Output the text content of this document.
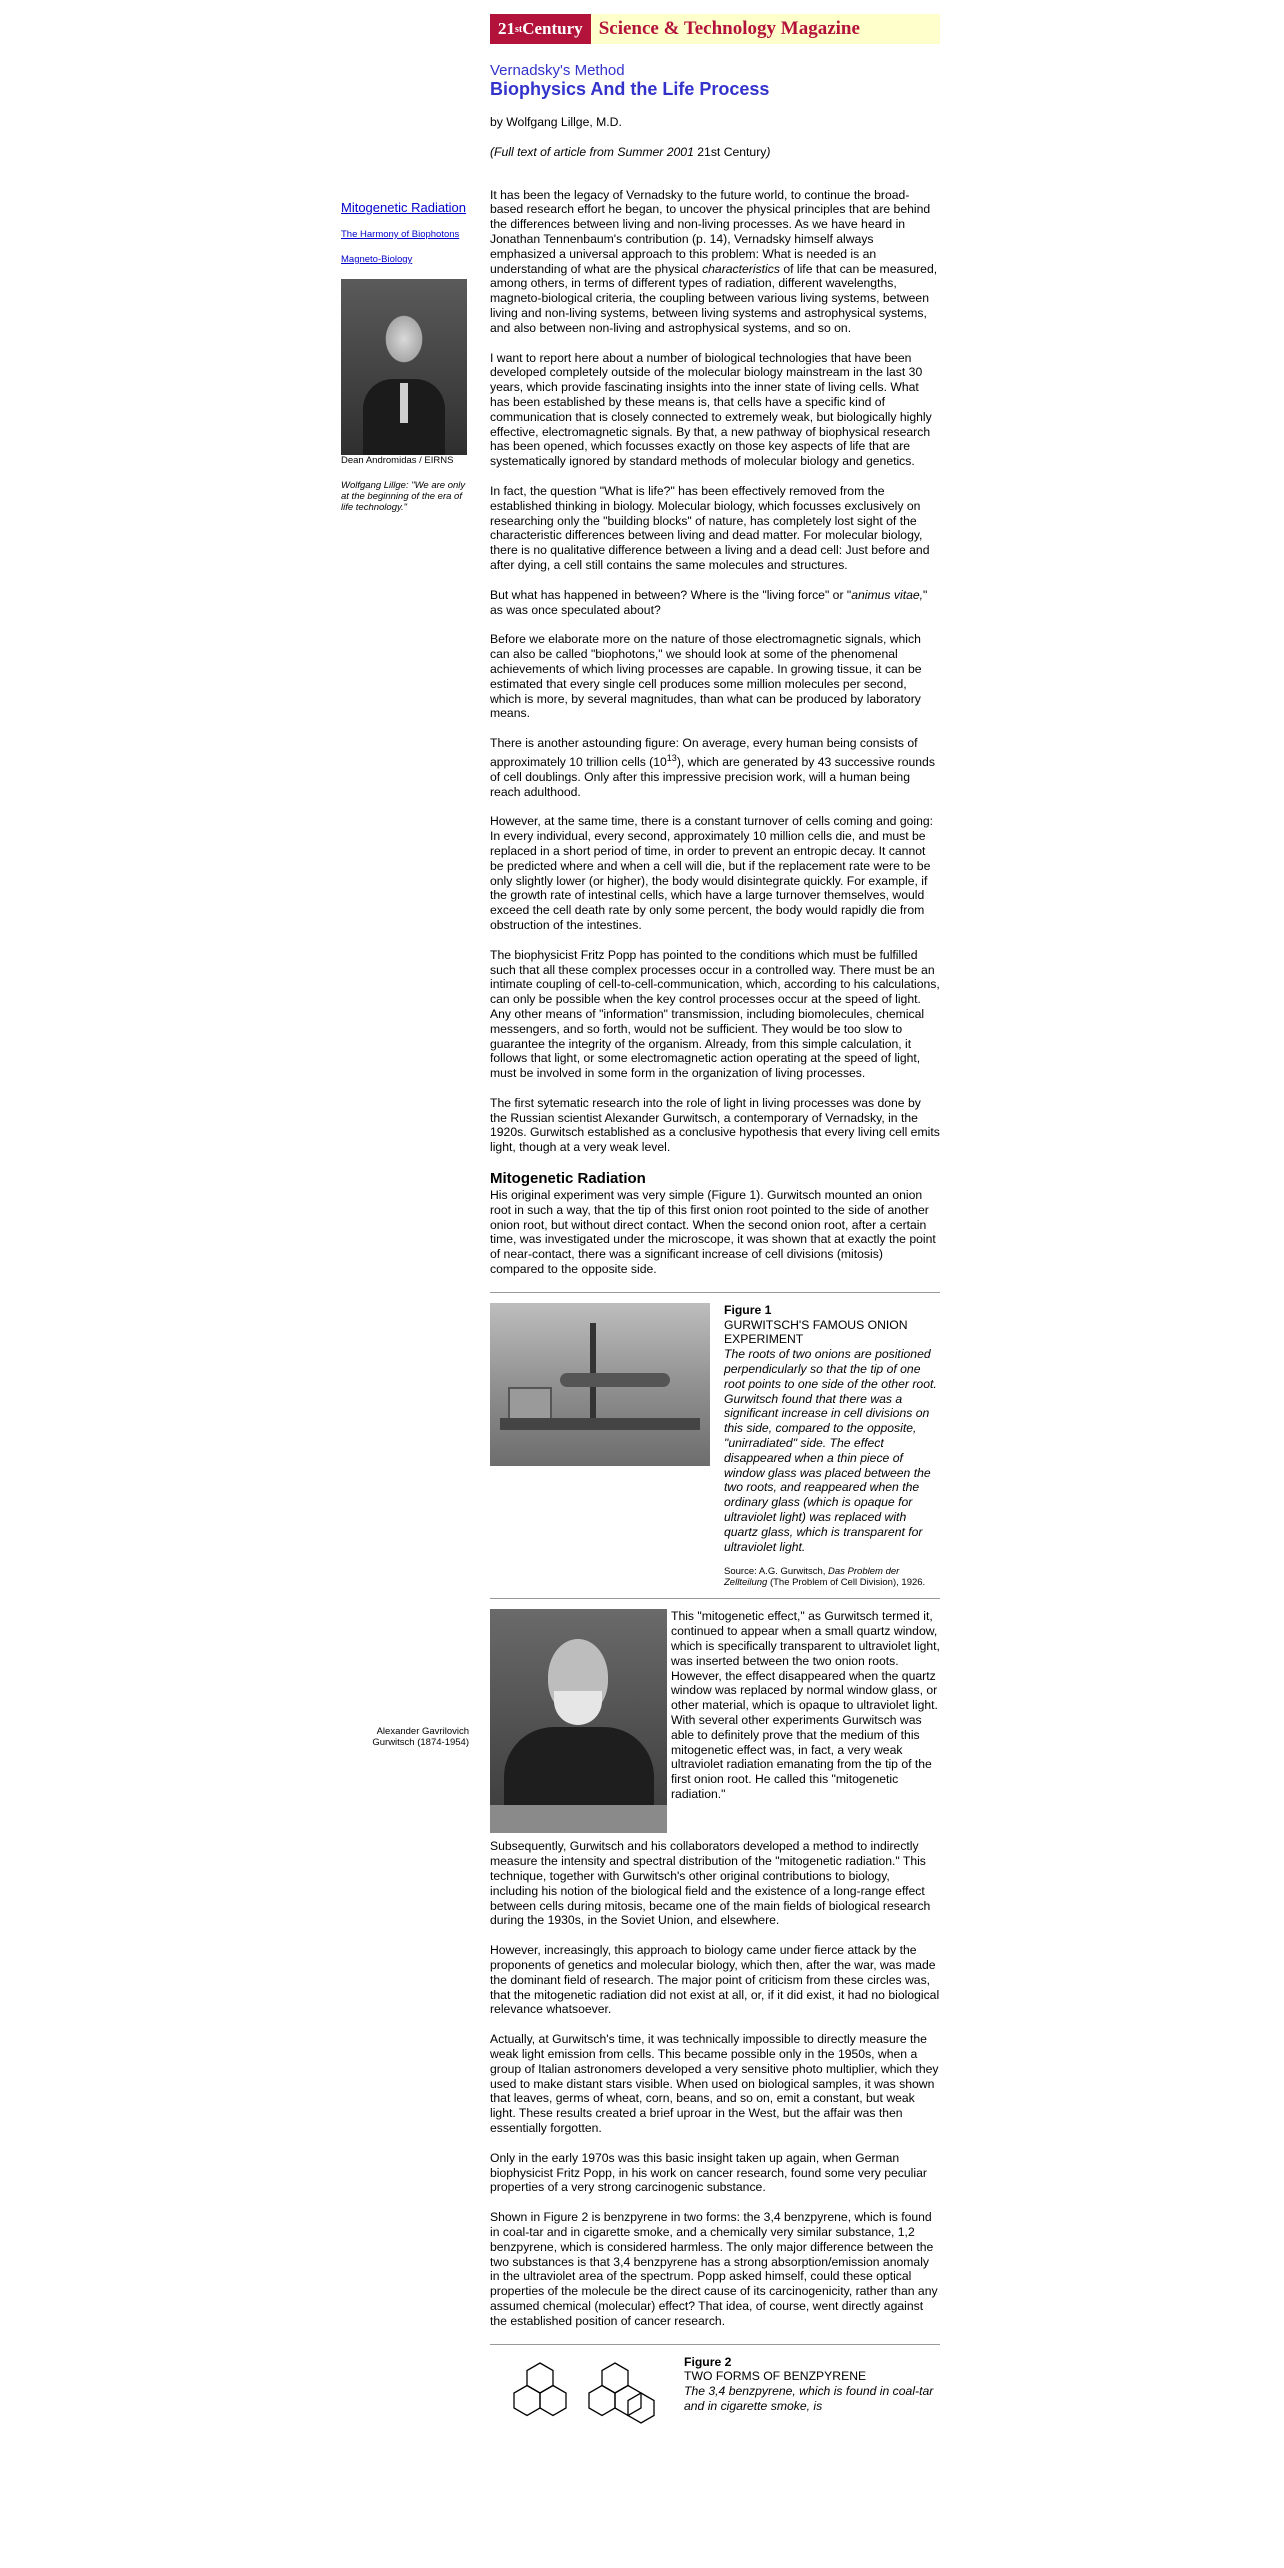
21 st Century Science & Technology Magazine
Mitogenetic Radiation
The Harmony of Biophotons
Magneto-Biology
Dean Andromidas / EIRNS
Wolfgang Lillge: "We are only at the beginning of the era of life technology."
Alexander Gavrilovich Gurwitsch (1874-1954)
Vernadsky's Method
Biophysics And the Life Process

by Wolfgang Lillge, M.D.

(Full text of article from Summer 2001 21st Century)

It has been the legacy of Vernadsky to the future world, to continue the broad-based research effort he began, to uncover the physical principles that are behind the differences between living and non-living processes. As we have heard in Jonathan Tennenbaum's contribution (p. 14), Vernadsky himself always emphasized a universal approach to this problem: What is needed is an understanding of what are the physical characteristics of life that can be measured, among others, in terms of different types of radiation, different wavelengths, magneto-biological criteria, the coupling between various living systems, between living and non-living systems, between living systems and astrophysical systems, and also between non-living and astrophysical systems, and so on.

I want to report here about a number of biological technologies that have been developed completely outside of the molecular biology mainstream in the last 30 years, which provide fascinating insights into the inner state of living cells. What has been established by these means is, that cells have a specific kind of communication that is closely connected to extremely weak, but biologically highly effective, electromagnetic signals. By that, a new pathway of biophysical research has been opened, which focusses exactly on those key aspects of life that are systematically ignored by standard methods of molecular biology and genetics.

In fact, the question "What is life?" has been effectively removed from the established thinking in biology. Molecular biology, which focusses exclusively on researching only the "building blocks" of nature, has completely lost sight of the characteristic differences between living and dead matter. For molecular biology, there is no qualitative difference between a living and a dead cell: Just before and after dying, a cell still contains the same molecules and structures.

But what has happened in between? Where is the "living force" or "animus vitae," as was once speculated about?

Before we elaborate more on the nature of those electromagnetic signals, which can also be called "biophotons," we should look at some of the phenomenal achievements of which living processes are capable. In growing tissue, it can be estimated that every single cell produces some million molecules per second, which is more, by several magnitudes, than what can be produced by laboratory means.

There is another astounding figure: On average, every human being consists of approximately 10 trillion cells $(10^{13})$, which are generated by 43 successive rounds of cell doublings. Only after this impressive precision work, will a human being reach adulthood.

However, at the same time, there is a constant turnover of cells coming and going: In every individual, every second, approximately 10 million cells die, and must be replaced in a short period of time, in order to prevent an entropic decay. It cannot be predicted where and when a cell will die, but if the replacement rate were to be only slightly lower (or higher), the body would disintegrate quickly. For example, if the growth rate of intestinal cells, which have a large turnover themselves, would exceed the cell death rate by only some percent, the body would rapidly die from obstruction of the intestines.

The biophysicist Fritz Popp has pointed to the conditions which must be fulfilled such that all these complex processes occur in a controlled way. There must be an intimate coupling of cell-to-cell-communication, which, according to his calculations, can only be possible when the key control processes occur at the speed of light. Any other means of "information" transmission, including biomolecules, chemical messengers, and so forth, would not be sufficient. They would be too slow to guarantee the integrity of the organism. Already, from this simple calculation, it follows that light, or some electromagnetic action operating at the speed of light, must be involved in some form in the organization of living processes.

The first sytematic research into the role of light in living processes was done by the Russian scientist Alexander Gurwitsch, a contemporary of Vernadsky, in the 1920s. Gurwitsch established as a conclusive hypothesis that every living cell emits light, though at a very weak level.

Mitogenetic Radiation

His original experiment was very simple (Figure 1). Gurwitsch mounted an onion root in such a way, that the tip of this first onion root pointed to the side of another onion root, but without direct contact. When the second onion root, after a certain time, was investigated under the microscope, it was shown that at exactly the point of near-contact, there was a significant increase of cell divisions (mitosis) compared to the opposite side.

Figure 1
GURWITSCH'S FAMOUS ONION EXPERIMENT
The roots of two onions are positioned perpendicularly so that the tip of one root points to one side of the other root. Gurwitsch found that there was a significant increase in cell divisions on this side, compared to the opposite, "unirradiated" side. The effect disappeared when a thin piece of window glass was placed between the two roots, and reappeared when the ordinary glass (which is opaque for ultraviolet light) was replaced with quartz glass, which is transparent for ultraviolet light.
Source: A.G. Gurwitsch, Das Problem der Zellteilung (The Problem of Cell Division), 1926.

This "mitogenetic effect," as Gurwitsch termed it, continued to appear when a small quartz window, which is specifically transparent to ultraviolet light, was inserted between the two onion roots. However, the effect disappeared when the quartz window was replaced by normal window glass, or other material, which is opaque to ultraviolet light. With several other experiments Gurwitsch was able to definitely prove that the medium of this mitogenetic effect was, in fact, a very weak ultraviolet radiation emanating from the tip of the first onion root. He called this "mitogenetic radiation."

Subsequently, Gurwitsch and his collaborators developed a method to indirectly measure the intensity and spectral distribution of the "mitogenetic radiation." This technique, together with Gurwitsch's other original contributions to biology, including his notion of the biological field and the existence of a long-range effect between cells during mitosis, became one of the main fields of biological research during the 1930s, in the Soviet Union, and elsewhere.

However, increasingly, this approach to biology came under fierce attack by the proponents of genetics and molecular biology, which then, after the war, was made the dominant field of research. The major point of criticism from these circles was, that the mitogenetic radiation did not exist at all, or, if it did exist, it had no biological relevance whatsoever.

Actually, at Gurwitsch's time, it was technically impossible to directly measure the weak light emission from cells. This became possible only in the 1950s, when a group of Italian astronomers developed a very sensitive photo multiplier, which they used to make distant stars visible. When used on biological samples, it was shown that leaves, germs of wheat, corn, beans, and so on, emit a constant, but weak light. These results created a brief uproar in the West, but the affair was then essentially forgotten.

Only in the early 1970s was this basic insight taken up again, when German biophysicist Fritz Popp, in his work on cancer research, found some very peculiar properties of a very strong carcinogenic substance.

Shown in Figure 2 is benzpyrene in two forms: the 3,4 benzpyrene, which is found in coal-tar and in cigarette smoke, and a chemically very similar substance, 1,2 benzpyrene, which is considered harmless. The only major difference between the two substances is that 3,4 benzpyrene has a strong absorption/emission anomaly in the ultraviolet area of the spectrum. Popp asked himself, could these optical properties of the molecule be the direct cause of its carcinogenicity, rather than any assumed chemical (molecular) effect? That idea, of course, went directly against the established position of cancer research.

Figure 2
TWO FORMS OF BENZPYRENE
The 3,4 benzpyrene, which is found in coal-tar and in cigarette smoke, is
